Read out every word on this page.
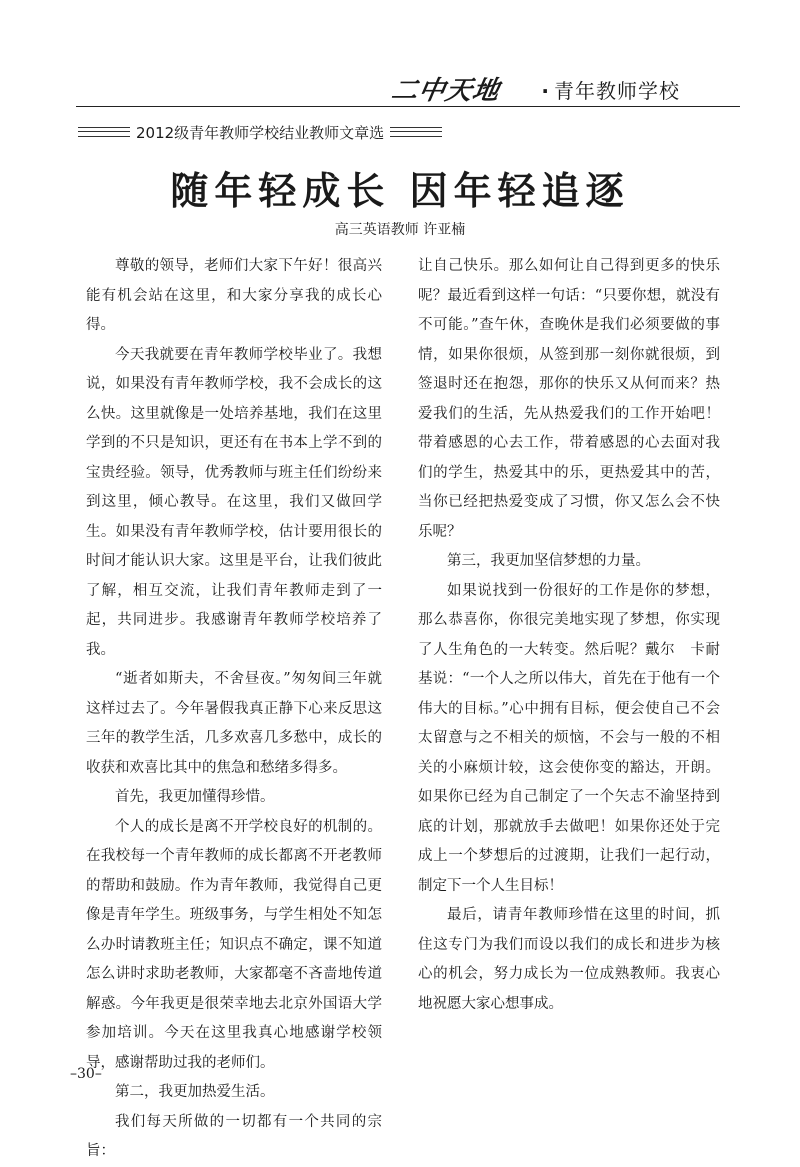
二中天地 · 青年教师学校
2012级青年教师学校结业教师文章选
随年轻成长 因年轻追逐
高三英语教师 许亚楠

尊敬的领导，老师们大家下午好！很高兴能有机会站在这里，和大家分享我的成长心得。

今天我就要在青年教师学校毕业了。我想说，如果没有青年教师学校，我不会成长的这么快。这里就像是一处培养基地，我们在这里学到的不只是知识，更还有在书本上学不到的宝贵经验。领导，优秀教师与班主任们纷纷来到这里，倾心教导。在这里，我们又做回学生。如果没有青年教师学校，估计要用很长的时间才能认识大家。这里是平台，让我们彼此了解，相互交流，让我们青年教师走到了一起，共同进步。我感谢青年教师学校培养了我。

“逝者如斯夫，不舍昼夜。”匆匆间三年就这样过去了。今年暑假我真正静下心来反思这三年的教学生活，几多欢喜几多愁中，成长的收获和欢喜比其中的焦急和愁绪多得多。

首先，我更加懂得珍惜。

个人的成长是离不开学校良好的机制的。在我校每一个青年教师的成长都离不开老教师的帮助和鼓励。作为青年教师，我觉得自己更像是青年学生。班级事务，与学生相处不知怎么办时请教班主任；知识点不确定，课不知道怎么讲时求助老教师，大家都毫不吝啬地传道解惑。今年我更是很荣幸地去北京外国语大学参加培训。今天在这里我真心地感谢学校领导，感谢帮助过我的老师们。

第二，我更加热爱生活。

我们每天所做的一切都有一个共同的宗旨：

让自己快乐。那么如何让自己得到更多的快乐呢？最近看到这样一句话：“只要你想，就没有不可能。”查午休，查晚休是我们必须要做的事情，如果你很烦，从签到那一刻你就很烦，到签退时还在抱怨，那你的快乐又从何而来？热爱我们的生活，先从热爱我们的工作开始吧！带着感恩的心去工作，带着感恩的心去面对我们的学生，热爱其中的乐，更热爱其中的苦，当你已经把热爱变成了习惯，你又怎么会不快乐呢？

第三，我更加坚信梦想的力量。

如果说找到一份很好的工作是你的梦想，那么恭喜你，你很完美地实现了梦想，你实现了人生角色的一大转变。然后呢？戴尔　卡耐基说：“一个人之所以伟大，首先在于他有一个伟大的目标。”心中拥有目标，便会使自己不会太留意与之不相关的烦恼，不会与一般的不相关的小麻烦计较，这会使你变的豁达，开朗。如果你已经为自己制定了一个矢志不渝坚持到底的计划，那就放手去做吧！如果你还处于完成上一个梦想后的过渡期，让我们一起行动，制定下一个人生目标！

最后，请青年教师珍惜在这里的时间，抓住这专门为我们而设以我们的成长和进步为核心的机会，努力成长为一位成熟教师。我衷心地祝愿大家心想事成。

–30–
